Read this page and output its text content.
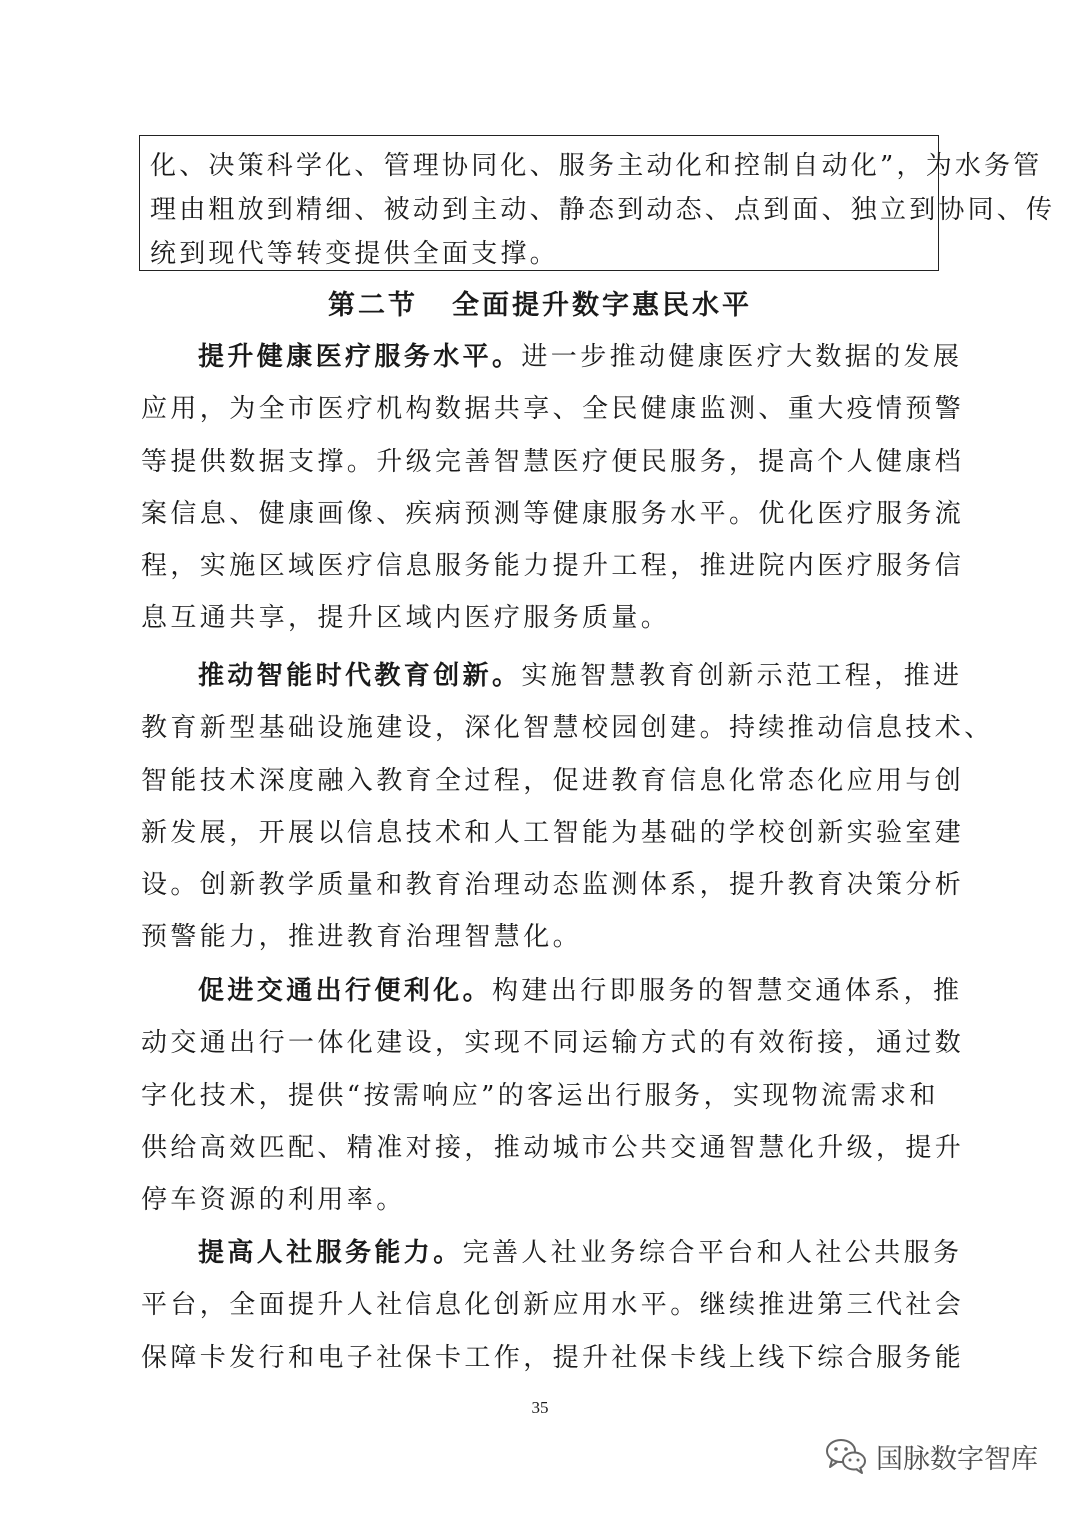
化、决策科学化、管理协同化、服务主动化和控制自动化”，为水务管
理由粗放到精细、被动到主动、静态到动态、点到面、独立到协同、传
统到现代等转变提供全面支撑。
第二节 全面提升数字惠民水平
提升健康医疗服务水平。进一步推动健康医疗大数据的发展
应用，为全市医疗机构数据共享、全民健康监测、重大疫情预警
等提供数据支撑。升级完善智慧医疗便民服务，提高个人健康档
案信息、健康画像、疾病预测等健康服务水平。优化医疗服务流
程，实施区域医疗信息服务能力提升工程，推进院内医疗服务信
息互通共享，提升区域内医疗服务质量。
推动智能时代教育创新。实施智慧教育创新示范工程，推进
教育新型基础设施建设，深化智慧校园创建。持续推动信息技术、
智能技术深度融入教育全过程，促进教育信息化常态化应用与创
新发展，开展以信息技术和人工智能为基础的学校创新实验室建
设。创新教学质量和教育治理动态监测体系，提升教育决策分析
预警能力，推进教育治理智慧化。
促进交通出行便利化。构建出行即服务的智慧交通体系，推
动交通出行一体化建设，实现不同运输方式的有效衔接，通过数
字化技术，提供“按需响应”的客运出行服务，实现物流需求和
供给高效匹配、精准对接，推动城市公共交通智慧化升级，提升
停车资源的利用率。
提高人社服务能力。完善人社业务综合平台和人社公共服务
平台，全面提升人社信息化创新应用水平。继续推进第三代社会
保障卡发行和电子社保卡工作，提升社保卡线上线下综合服务能
35
国脉数字智库
